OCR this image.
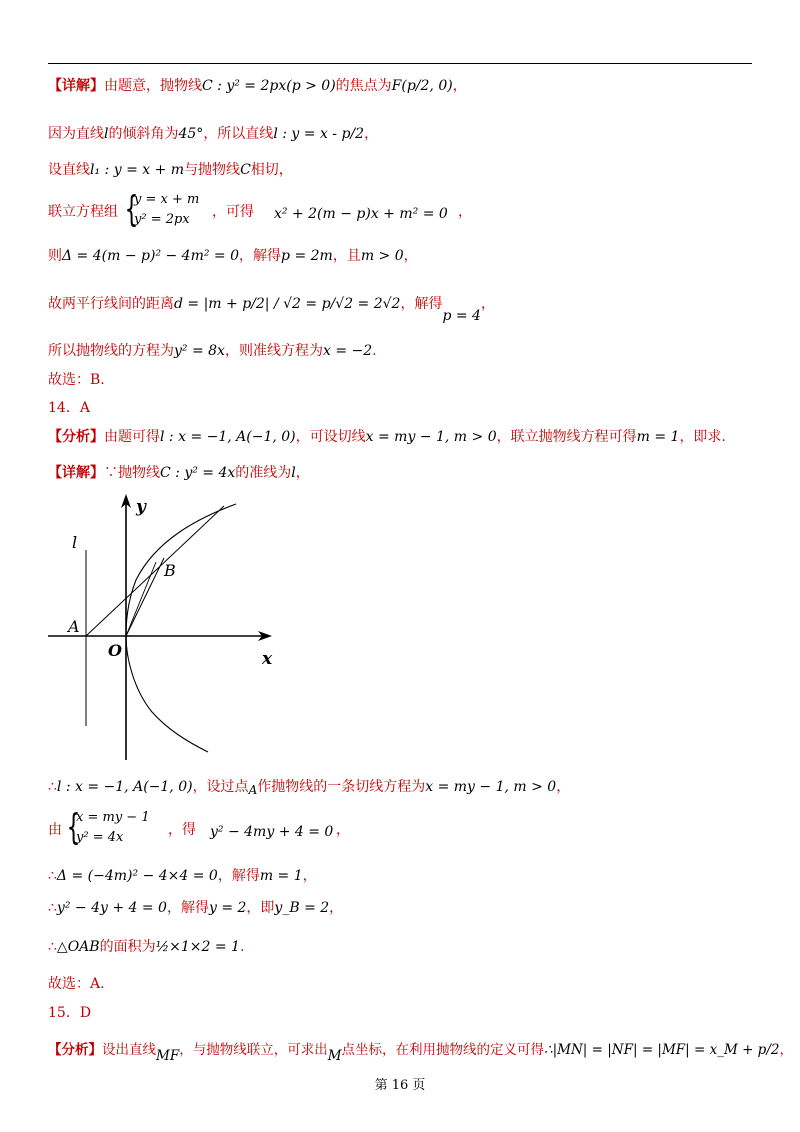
【详解】由题意，抛物线C : y² = 2px(p > 0)的焦点为F(p/2, 0)，
因为直线l的倾斜角为45°，所以直线l : y = x - p/2，
设直线l₁ : y = x + m与抛物线C相切，
联立方程组 {
y = x + m
y² = 2px ，可得 x² + 2(m − p)x + m² = 0 ，
则Δ = 4(m − p)² − 4m² = 0，解得p = 2m，且m > 0，
故两平行线间的距离d = |m + p/2| / √2 = p/√2 = 2√2，解得p = 4，
所以抛物线的方程为y² = 8x，则准线方程为x = −2.
故选：B.
14．A
【分析】由题可得l : x = −1, A(−1, 0)，可设切线x = my − 1, m > 0，联立抛物线方程可得m = 1，即求.
【详解】∵抛物线C : y² = 4x的准线为l，
y
x
l
A
O
B
∴l : x = −1, A(−1, 0)，设过点A作抛物线的一条切线方程为x = my − 1, m > 0，
由 {
x = my − 1
y² = 4x	，得 y² − 4my + 4 = 0 ，
∴Δ = (−4m)² − 4×4 = 0，解得m = 1，
∴y² − 4y + 4 = 0，解得y = 2，即y_B = 2，
∴△OAB的面积为½×1×2 = 1.
故选：A.
15．D
【分析】设出直线MF，与抛物线联立，可求出M点坐标，在利用抛物线的定义可得∴|MN| = |NF| = |MF| = x_M + p/2，
第 16 页
